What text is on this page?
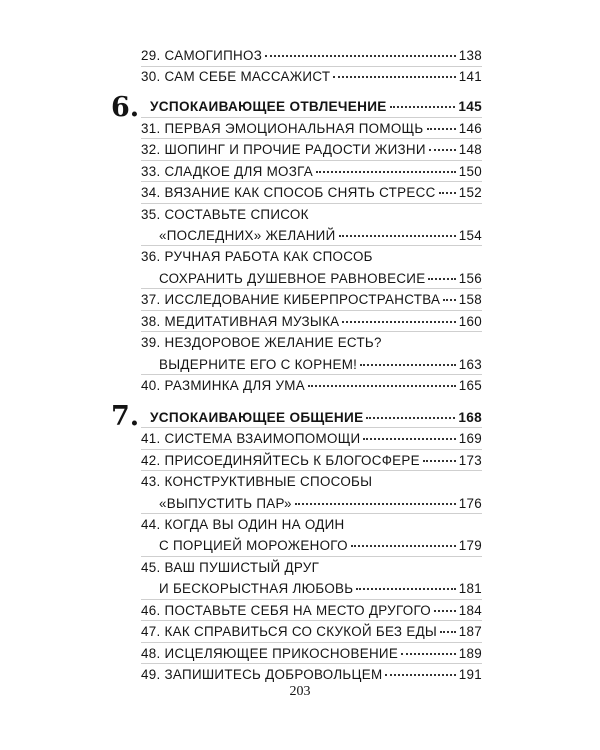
29.
САМОГИПНОЗ	138
30.
САМ СЕБЕ МАССАЖИСТ	141
6. УСПОКАИВАЮЩЕЕ ОТВЛЕЧЕНИЕ	145
31.
ПЕРВАЯ ЭМОЦИОНАЛЬНАЯ ПОМОЩЬ	146
32.
ШОПИНГ И ПРОЧИЕ РАДОСТИ ЖИЗНИ 148
33.
СЛАДКОЕ ДЛЯ МОЗГА	150
34.
ВЯЗАНИЕ КАК СПОСОБ СНЯТЬ СТРЕСС 152
35.
СОСТАВЬТЕ СПИСОК
«ПОСЛЕДНИХ» ЖЕЛАНИЙ	154
36.
РУЧНАЯ РАБОТА КАК СПОСОБ
СОХРАНИТЬ ДУШЕВНОЕ РАВНОВЕСИЕ 156
37.
ИССЛЕДОВАНИЕ КИБЕРПРОСТРАНСТВА 158
38.
МЕДИТАТИВНАЯ МУЗЫКА	160
39.
НЕЗДОРОВОЕ ЖЕЛАНИЕ ЕСТЬ?
ВЫДЕРНИТЕ ЕГО С КОРНЕМ!	163
40.
РАЗМИНКА ДЛЯ УМА	165
7. УСПОКАИВАЮЩЕЕ ОБЩЕНИЕ	168
41.
СИСТЕМА ВЗАИМОПОМОЩИ	169
42.
ПРИСОЕДИНЯЙТЕСЬ К БЛОГОСФЕРЕ	173
43.
КОНСТРУКТИВНЫЕ СПОСОБЫ
«ВЫПУСТИТЬ ПАР»	176
44.
КОГДА ВЫ ОДИН НА ОДИН
С ПОРЦИЕЙ МОРОЖЕНОГО	179
45.
ВАШ ПУШИСТЫЙ ДРУГ
И БЕСКОРЫСТНАЯ ЛЮБОВЬ	181
46.
ПОСТАВЬТЕ СЕБЯ НА МЕСТО ДРУГОГО 184
47.
КАК СПРАВИТЬСЯ СО СКУКОЙ БЕЗ ЕДЫ 187
48.
ИСЦЕЛЯЮЩЕЕ ПРИКОСНОВЕНИЕ	189
49.
ЗАПИШИТЕСЬ ДОБРОВОЛЬЦЕМ	191
203
